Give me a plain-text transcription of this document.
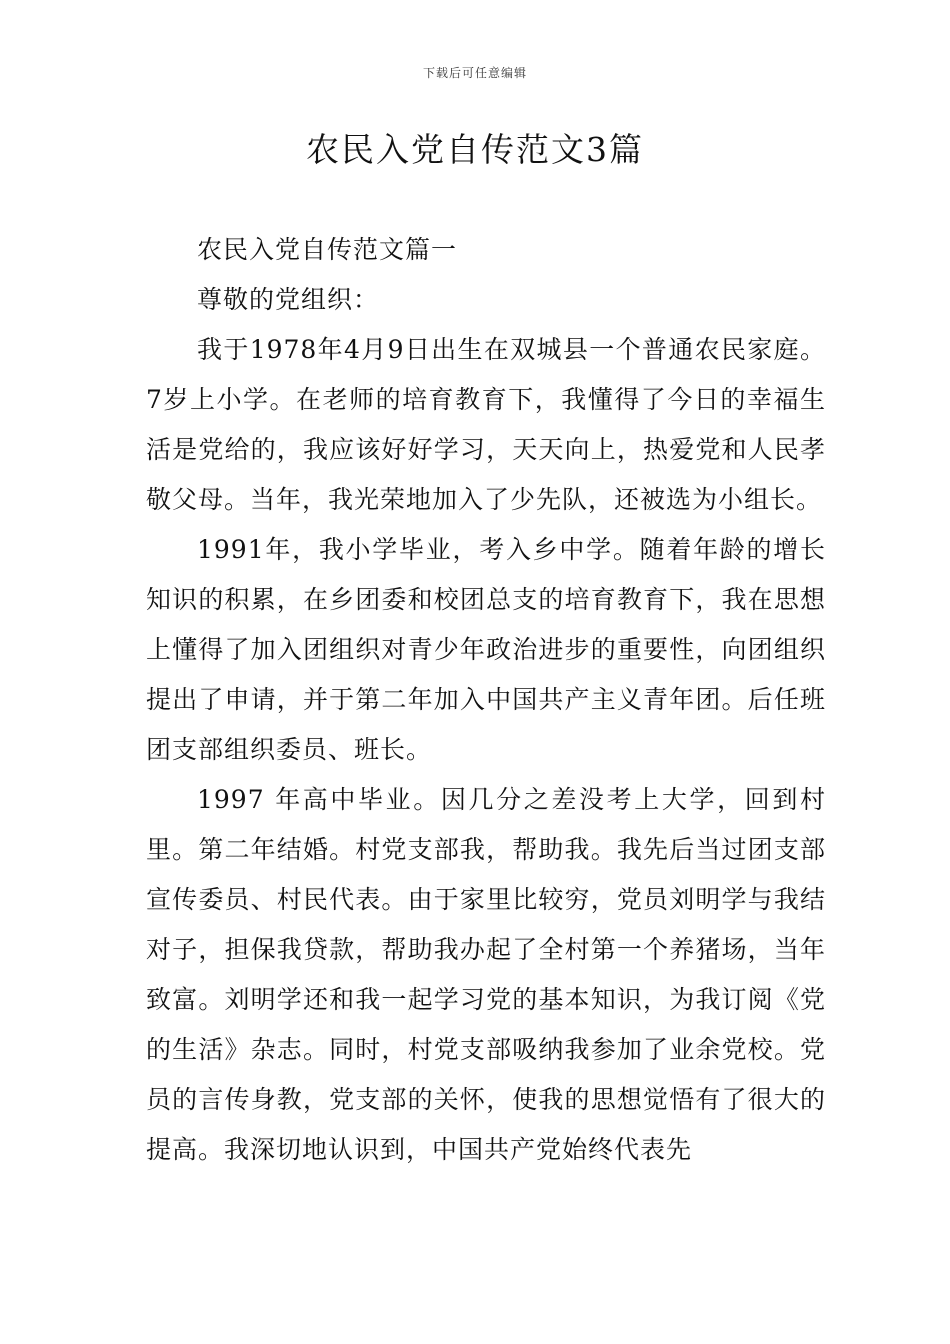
下载后可任意编辑
农民入党自传范文3篇

农民入党自传范文篇一

尊敬的党组织：

我于1978年4月9日出生在双城县一个普通农民家庭。7岁上小学。在老师的培育教育下，我懂得了今日的幸福生活是党给的，我应该好好学习，天天向上，热爱党和人民孝敬父母。当年，我光荣地加入了少先队，还被选为小组长。

1991年，我小学毕业，考入乡中学。随着年龄的增长知识的积累，在乡团委和校团总支的培育教育下，我在思想上懂得了加入团组织对青少年政治进步的重要性，向团组织提出了申请，并于第二年加入中国共产主义青年团。后任班团支部组织委员、班长。

1997 年高中毕业。因几分之差没考上大学，回到村里。第二年结婚。村党支部我，帮助我。我先后当过团支部宣传委员、村民代表。由于家里比较穷，党员刘明学与我结对子，担保我贷款，帮助我办起了全村第一个养猪场，当年致富。刘明学还和我一起学习党的基本知识，为我订阅《党的生活》杂志。同时，村党支部吸纳我参加了业余党校。党员的言传身教，党支部的关怀，使我的思想觉悟有了很大的提高。我深切地认识到，中国共产党始终代表先
